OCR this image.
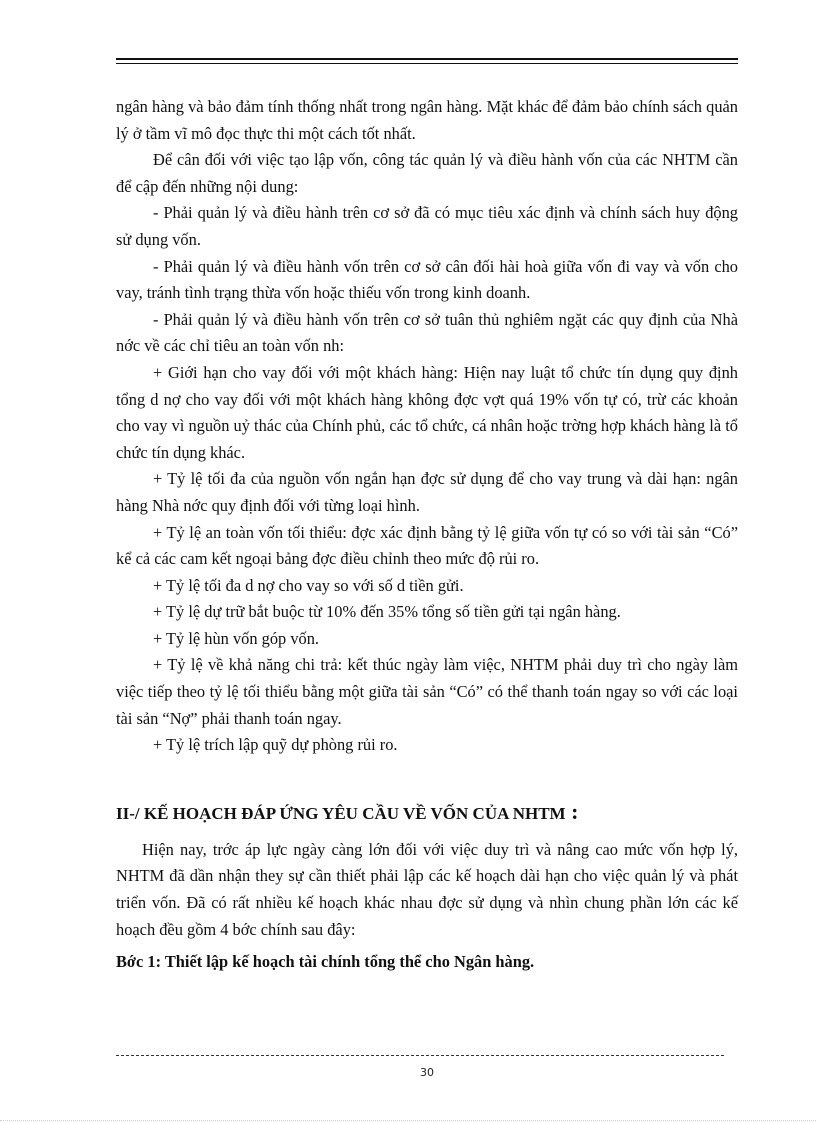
ngân hàng và bảo đảm tính thống nhất trong ngân hàng. Mặt khác để đảm bảo chính sách quản lý ở tầm vĩ mô đọc thực thi một cách tốt nhất.

Để cân đối với việc tạo lập vốn, công tác quản lý và điều hành vốn của các NHTM cần để cập đến những nội dung:

- Phải quản lý và điều hành trên cơ sở đã có mục tiêu xác định và chính sách huy động sử dụng vốn.

- Phải quản lý và điều hành vốn trên cơ sở cân đối hài hoà giữa vốn đi vay và vốn cho vay, tránh tình trạng thừa vốn hoặc thiếu vốn trong kinh doanh.

- Phải quản lý và điều hành vốn trên cơ sở tuân thủ nghiêm ngặt các quy định của Nhà nớc về các chỉ tiêu an toàn vốn nh:

+ Giới hạn cho vay đối với một khách hàng: Hiện nay luật tổ chức tín dụng quy định tổng d nợ cho vay đối với một khách hàng không đợc vợt quá 19% vốn tự có, trừ các khoản cho vay vì nguồn uỷ thác của Chính phủ, các tổ chức, cá nhân hoặc trờng hợp khách hàng là tổ chức tín dụng khác.

+ Tỷ lệ tối đa của nguồn vốn ngắn hạn đợc sử dụng để cho vay trung và dài hạn: ngân hàng Nhà nớc quy định đối với từng loại hình.

+ Tỷ lệ an toàn vốn tối thiểu: đợc xác định bằng tỷ lệ giữa vốn tự có so với tài sản “Có” kể cả các cam kết ngoại bảng đợc điều chỉnh theo mức độ rủi ro.

+ Tỷ lệ tối đa d nợ cho vay so với số d tiền gửi.

+ Tỷ lệ dự trữ bắt buộc từ 10% đến 35% tổng số tiền gửi tại ngân hàng.

+ Tỷ lệ hùn vốn góp vốn.

+ Tỷ lệ về khả năng chi trả: kết thúc ngày làm việc, NHTM phải duy trì cho ngày làm việc tiếp theo tỷ lệ tối thiểu bằng một giữa tài sản “Có” có thể thanh toán ngay so với các loại tài sản “Nợ” phải thanh toán ngay.

+ Tỷ lệ trích lập quỹ dự phòng rủi ro.

II-/ KẾ HOẠCH ĐÁP ỨNG YÊU CẦU VỀ VỐN CỦA NHTM :

Hiện nay, trớc áp lực ngày càng lớn đối với việc duy trì và nâng cao mức vốn hợp lý, NHTM đã dần nhận they sự cần thiết phải lập các kế hoạch dài hạn cho việc quản lý và phát triển vốn. Đã có rất nhiều kế hoạch khác nhau đợc sử dụng và nhìn chung phần lớn các kế hoạch đều gồm 4 bớc chính sau đây:

Bớc 1: Thiết lập kế hoạch tài chính tổng thể cho Ngân hàng.

30
